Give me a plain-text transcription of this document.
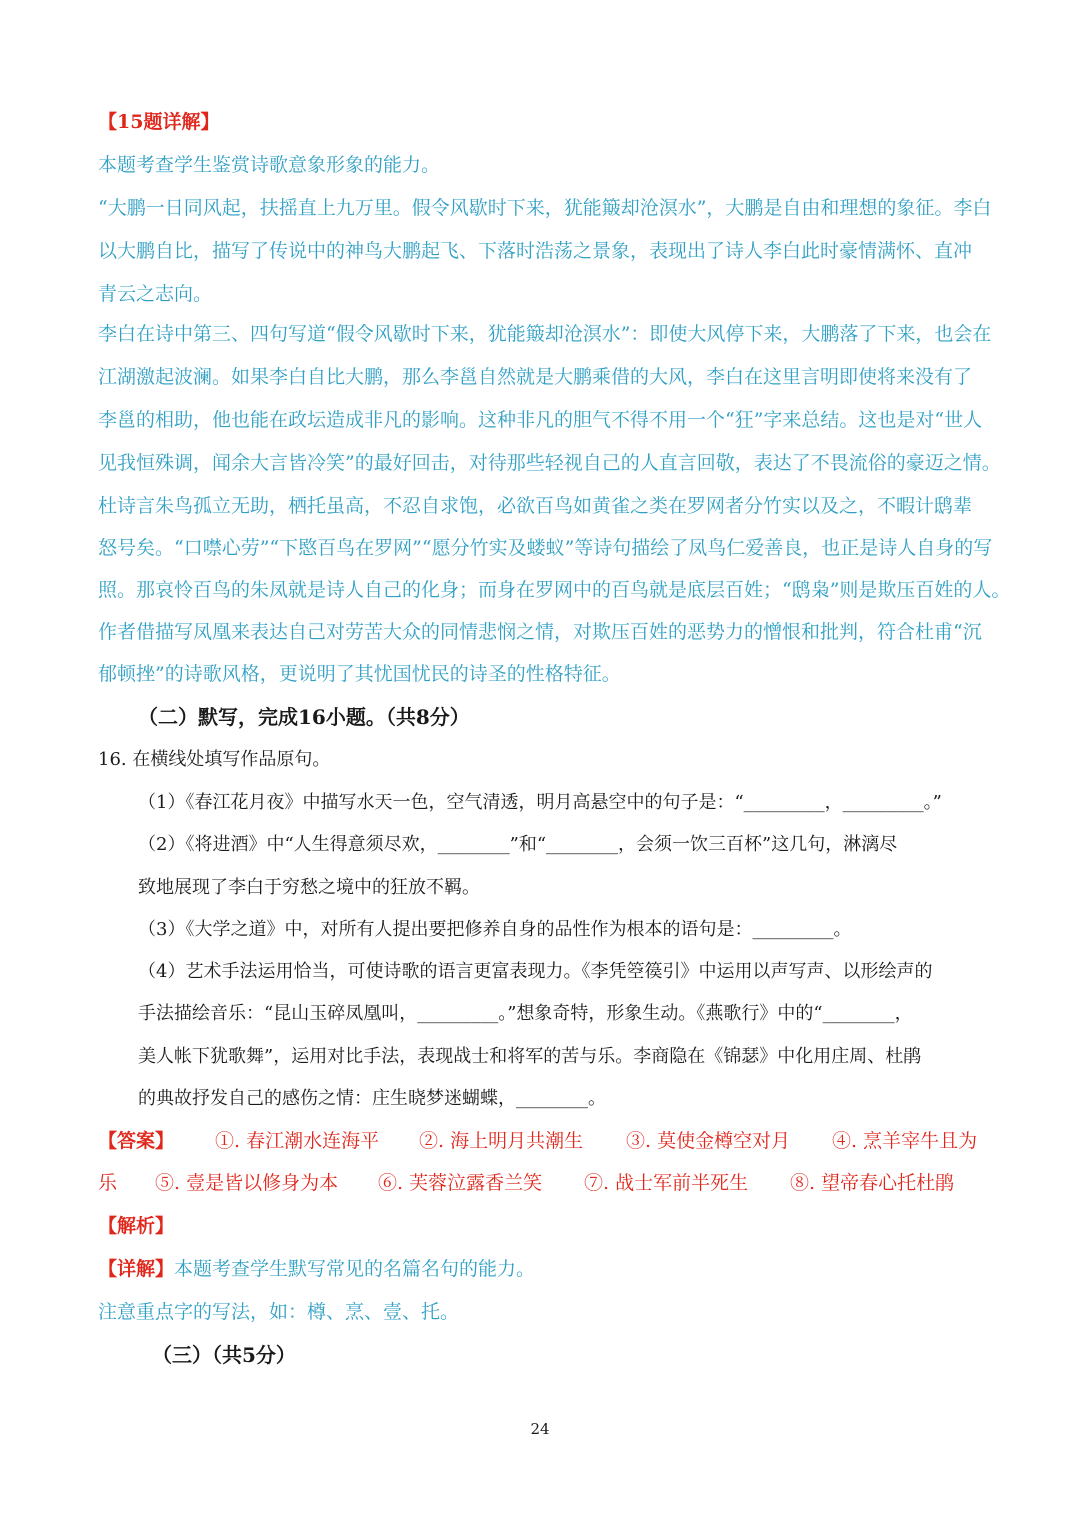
【15题详解】
本题考查学生鉴赏诗歌意象形象的能力。
“大鹏一日同风起，扶摇直上九万里。假令风歇时下来，犹能簸却沧溟水”，大鹏是自由和理想的象征。李白
以大鹏自比，描写了传说中的神鸟大鹏起飞、下落时浩荡之景象，表现出了诗人李白此时豪情满怀、直冲
青云之志向。
李白在诗中第三、四句写道“假令风歇时下来，犹能簸却沧溟水”：即使大风停下来，大鹏落了下来，也会在
江湖激起波澜。如果李白自比大鹏，那么李邕自然就是大鹏乘借的大风，李白在这里言明即使将来没有了
李邕的相助，他也能在政坛造成非凡的影响。这种非凡的胆气不得不用一个“狂”字来总结。这也是对“世人
见我恒殊调，闻余大言皆冷笑”的最好回击，对待那些轻视自己的人直言回敬，表达了不畏流俗的豪迈之情。
杜诗言朱鸟孤立无助，栖托虽高，不忍自求饱，必欲百鸟如黄雀之类在罗网者分竹实以及之，不暇计鸱辈
怒号矣。“口噤心劳”“下愍百鸟在罗网”“愿分竹实及蝼蚁”等诗句描绘了凤鸟仁爱善良，也正是诗人自身的写
照。那哀怜百鸟的朱凤就是诗人自己的化身；而身在罗网中的百鸟就是底层百姓；“鸱枭”则是欺压百姓的人。
作者借描写凤凰来表达自己对劳苦大众的同情悲悯之情，对欺压百姓的恶势力的憎恨和批判，符合杜甫“沉
郁顿挫”的诗歌风格，更说明了其忧国忧民的诗圣的性格特征。
（二）默写，完成16小题。（共8分）
16. 在横线处填写作品原句。
（1）《春江花月夜》中描写水天一色，空气清透，明月高悬空中的句子是：“_________，_________。”
（2）《将进酒》中“人生得意须尽欢，________”和“________，会须一饮三百杯”这几句，淋漓尽
致地展现了李白于穷愁之境中的狂放不羁。
（3）《大学之道》中，对所有人提出要把修养自身的品性作为根本的语句是：_________。
（4）艺术手法运用恰当，可使诗歌的语言更富表现力。《李凭箜篌引》中运用以声写声、以形绘声的
手法描绘音乐：“昆山玉碎凤凰叫，_________。”想象奇特，形象生动。《燕歌行》中的“________，
美人帐下犹歌舞”，运用对比手法，表现战士和将军的苦与乐。李商隐在《锦瑟》中化用庄周、杜鹃
的典故抒发自己的感伤之情：庄生晓梦迷蝴蝶，________。
【答案】 ①. 春江潮水连海平 ②. 海上明月共潮生 ③. 莫使金樽空对月 ④. 烹羊宰牛且为
乐 ⑤. 壹是皆以修身为本 ⑥. 芙蓉泣露香兰笑 ⑦. 战士军前半死生 ⑧. 望帝春心托杜鹃
【解析】
【详解】本题考查学生默写常见的名篇名句的能力。
注意重点字的写法，如：樽、烹、壹、托。
（三）（共5分）
24
